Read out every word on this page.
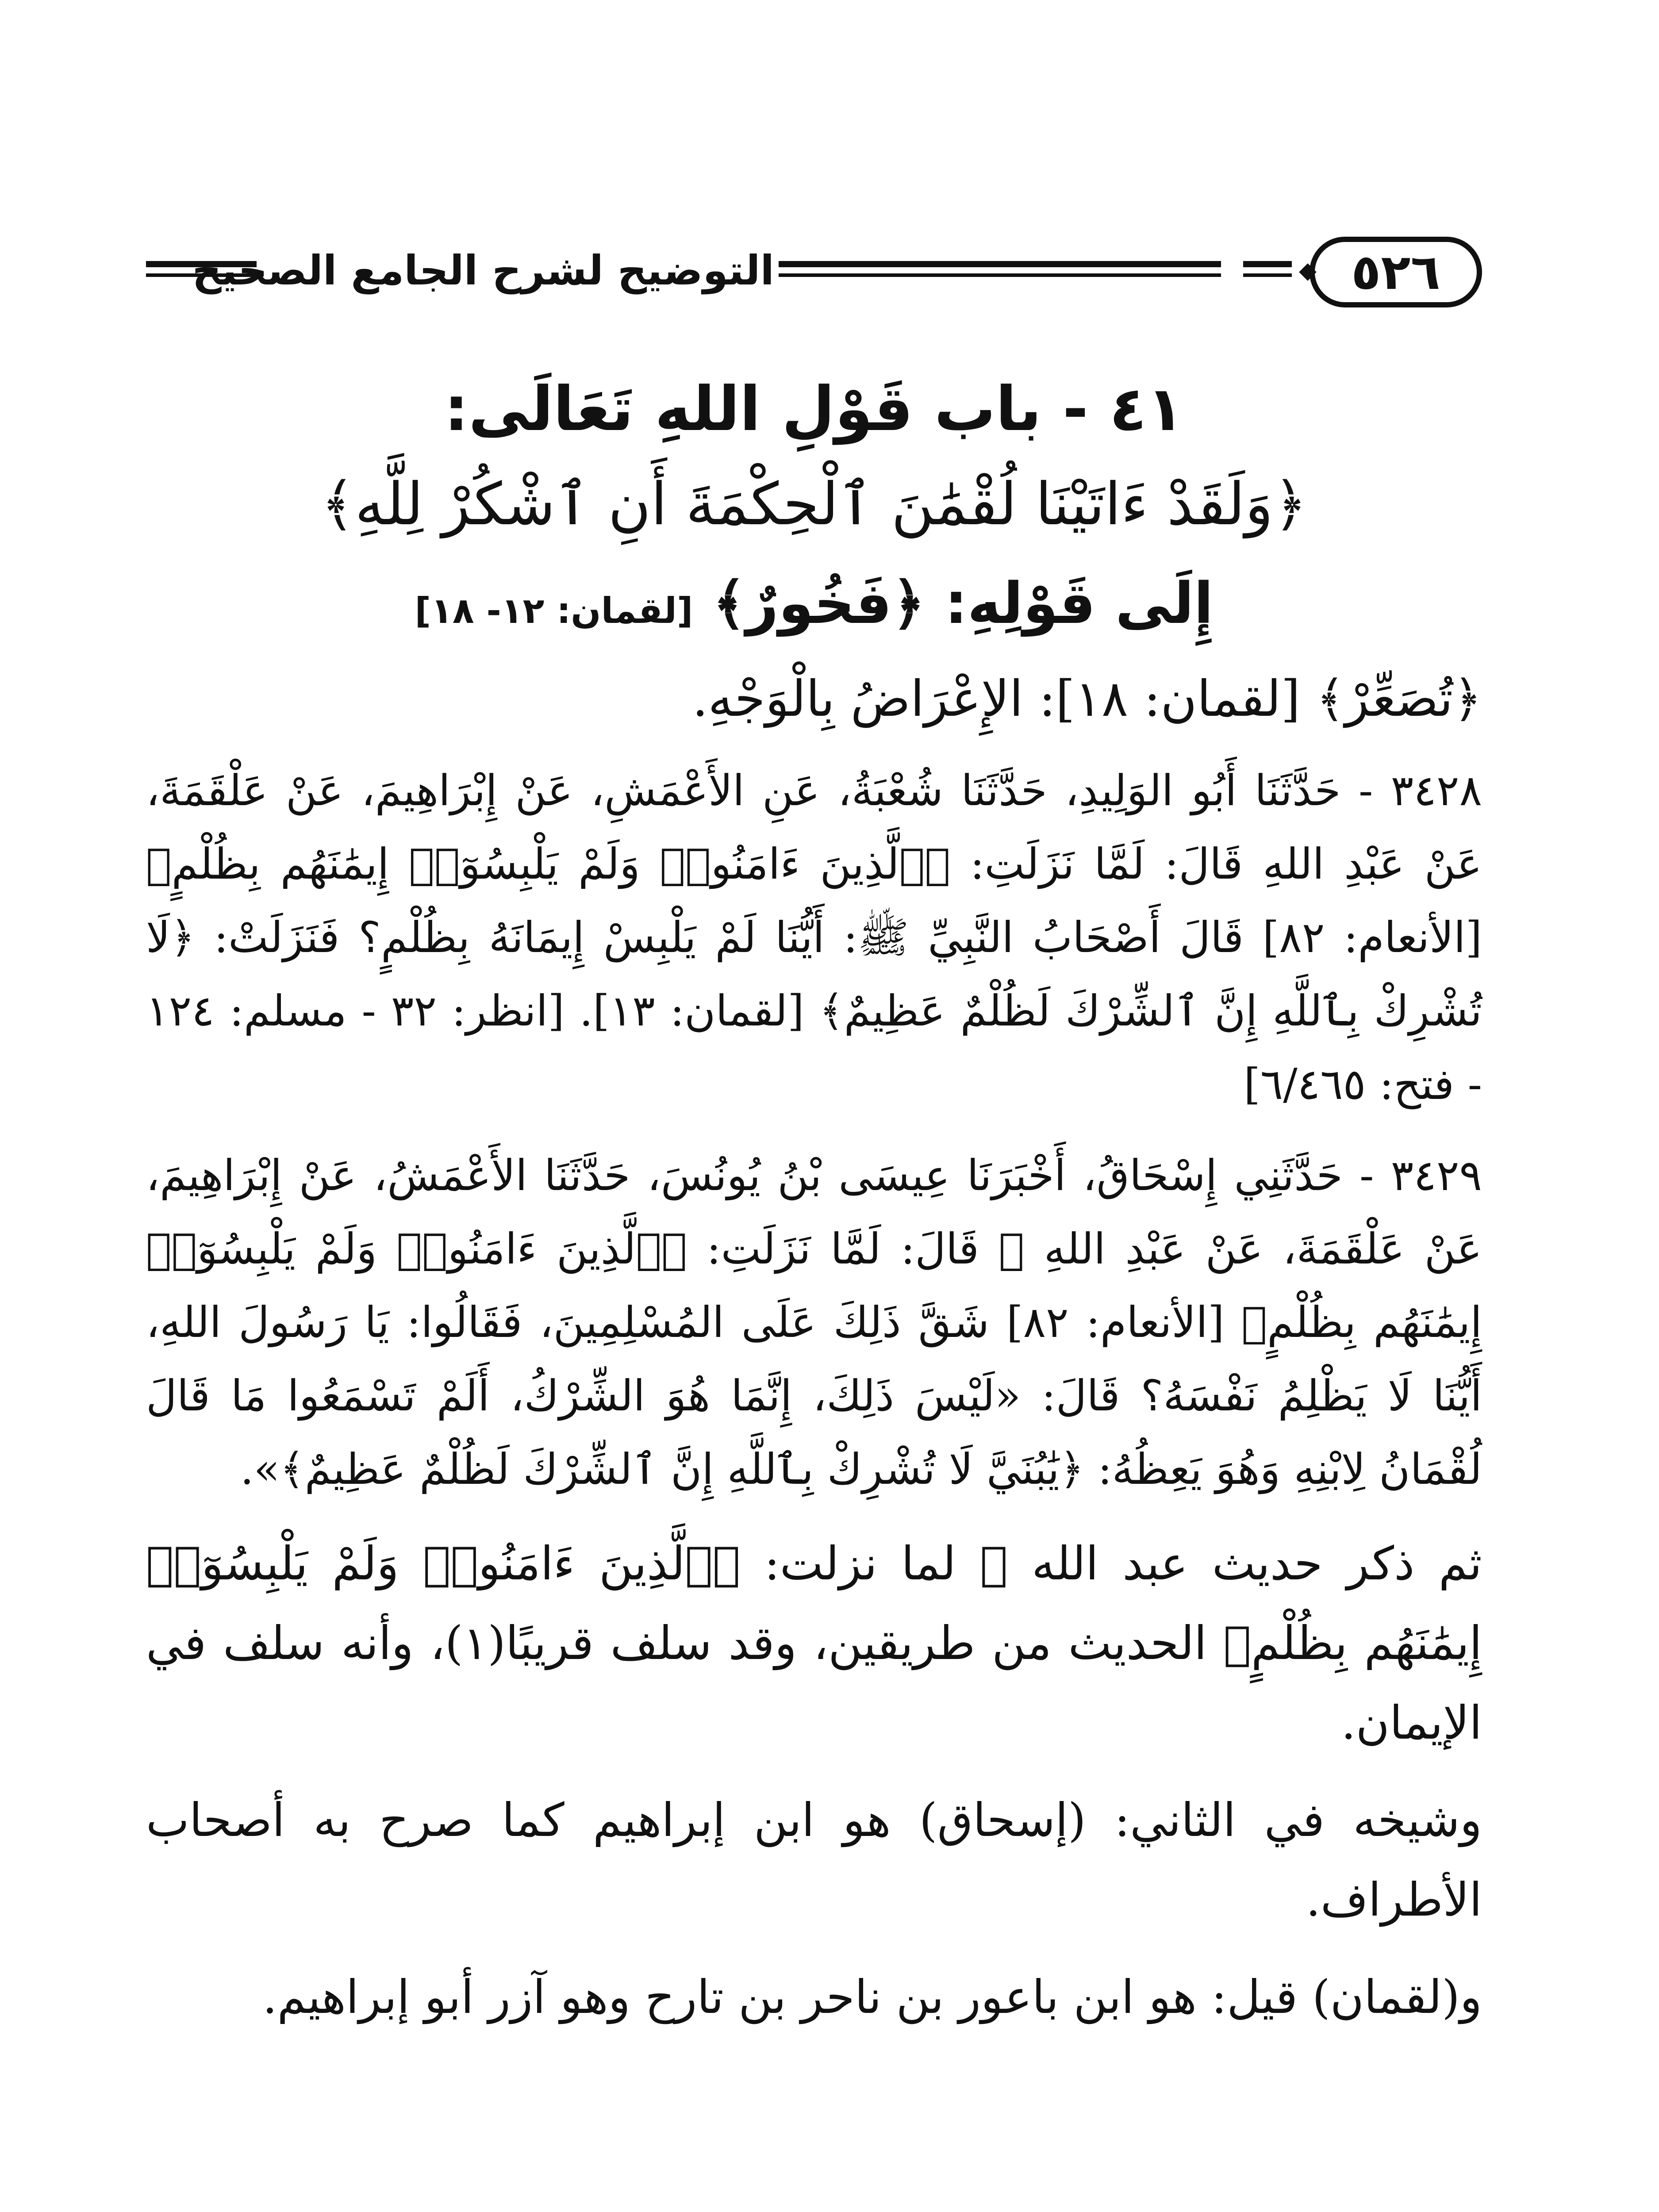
التوضيح لشرح الجامع الصحيح	٥٢٦
٤١ - باب قَوْلِ اللهِ تَعَالَى:

﴿وَلَقَدْ ءَاتَيْنَا لُقْمَٰنَ ٱلْحِكْمَةَ أَنِ ٱشْكُرْ لِلَّهِ﴾

إِلَى قَوْلِهِ: ﴿فَخُورٌ﴾ [لقمان: ١٢- ١٨]

﴿تُصَعِّرْ﴾ [لقمان: ١٨]: الإِعْرَاضُ بِالْوَجْهِ.

٣٤٢٨ - حَدَّثَنَا أَبُو الوَلِيدِ، حَدَّثَنَا شُعْبَةُ، عَنِ الأَعْمَشِ، عَنْ إِبْرَاهِيمَ، عَنْ عَلْقَمَةَ، عَنْ عَبْدِ اللهِ قَالَ: لَمَّا نَزَلَتِ: ﴿ٱلَّذِينَ ءَامَنُوا۟ وَلَمْ يَلْبِسُوٓا۟ إِيمَٰنَهُم بِظُلْمٍ﴾ [الأنعام: ٨٢] قَالَ أَصْحَابُ النَّبِيِّ ﷺ: أَيُّنَا لَمْ يَلْبِسْ إِيمَانَهُ بِظُلْمٍ؟ فَنَزَلَتْ: ﴿لَا تُشْرِكْ بِٱللَّهِ إِنَّ ٱلشِّرْكَ لَظُلْمٌ عَظِيمٌ﴾ [لقمان: ١٣]. [انظر: ٣٢ - مسلم: ١٢٤ - فتح: ٦/٤٦٥]

٣٤٢٩ - حَدَّثَنِي إِسْحَاقُ، أَخْبَرَنَا عِيسَى بْنُ يُونُسَ، حَدَّثَنَا الأَعْمَشُ، عَنْ إِبْرَاهِيمَ، عَنْ عَلْقَمَةَ، عَنْ عَبْدِ اللهِ ﷺ قَالَ: لَمَّا نَزَلَتِ: ﴿ٱلَّذِينَ ءَامَنُوا۟ وَلَمْ يَلْبِسُوٓا۟ إِيمَٰنَهُم بِظُلْمٍ﴾ [الأنعام: ٨٢] شَقَّ ذَلِكَ عَلَى المُسْلِمِينَ، فَقَالُوا: يَا رَسُولَ اللهِ، أَيُّنَا لَا يَظْلِمُ نَفْسَهُ؟ قَالَ: «لَيْسَ ذَلِكَ، إِنَّمَا هُوَ الشِّرْكُ، أَلَمْ تَسْمَعُوا مَا قَالَ لُقْمَانُ لِابْنِهِ وَهُوَ يَعِظُهُ: ﴿يَٰبُنَيَّ لَا تُشْرِكْ بِٱللَّهِ إِنَّ ٱلشِّرْكَ لَظُلْمٌ عَظِيمٌ﴾».

ثم ذكر حديث عبد الله ﷺ لما نزلت: ﴿ٱلَّذِينَ ءَامَنُوا۟ وَلَمْ يَلْبِسُوٓا۟ إِيمَٰنَهُم بِظُلْمٍ﴾ الحديث من طريقين، وقد سلف قريبًا(١)، وأنه سلف في الإيمان.

وشيخه في الثاني: (إسحاق) هو ابن إبراهيم كما صرح به أصحاب الأطراف.

و(لقمان) قيل: هو ابن باعور بن ناحر بن تارح وهو آزر أبو إبراهيم.
